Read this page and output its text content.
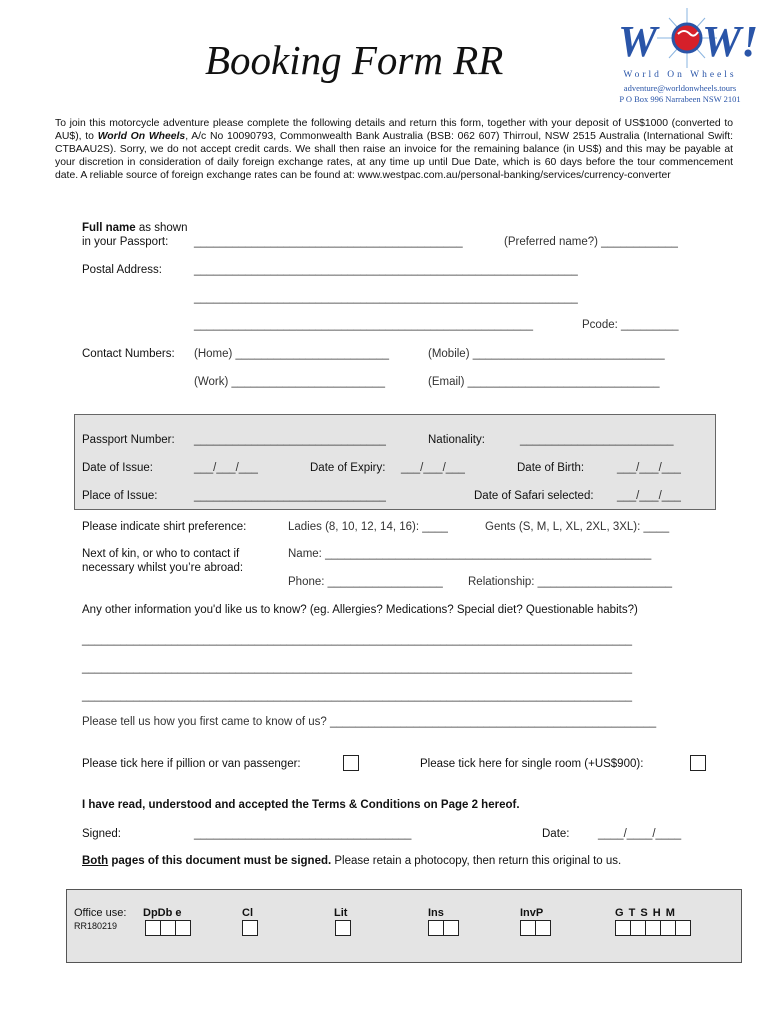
Booking Form RR	W W!
WOW!
World On Wheels
adventure@worldonwheels.tours
P O Box 996 Narrabeen NSW 2101
To join this motorcycle adventure please complete the following details and return this form, together with your deposit of US$1000 (converted to AU$), to World On Wheels, A/c No 10090793, Commonwealth Bank Australia (BSB: 062 607) Thirroul, NSW 2515 Australia (International Swift: CTBAAU2S). Sorry, we do not accept credit cards. We shall then raise an invoice for the remaining balance (in US$) and this may be payable at your discretion in consideration of daily foreign exchange rates, at any time up until Due Date, which is 60 days before the tour commencement date. A reliable source of foreign exchange rates can be found at: www.westpac.com.au/personal-banking/services/currency-converter
Full name as shown
in your Passport: __________________________________________	(Preferred name?) ____________
Postal Address:	____________________________________________________________
____________________________________________________________
_____________________________________________________	Pcode: _________
Contact Numbers: (Home) ________________________	(Mobile) ______________________________
(Work) ________________________	(Email) ______________________________
Passport Number: ______________________________	Nationality:	________________________
Date of Issue:	___/___/___	Date of Expiry: ___/___/___	Date of Birth:	___/___/___
Place of Issue:	______________________________	Date of Safari selected: ___/___/___
Please indicate shirt preference:	Ladies (8, 10, 12, 14, 16): ____	Gents (S, M, L, XL, 2XL, 3XL): ____
Next of kin, or who to contact if
necessary whilst you’re abroad:
Name: ___________________________________________________
Phone: __________________ Relationship: _____________________
Any other information you'd like us to know? (eg. Allergies? Medications? Special diet? Questionable habits?)
______________________________________________________________________________________
______________________________________________________________________________________
______________________________________________________________________________________
Please tell us how you first came to know of us? ___________________________________________________
Please tick here if pillion or van passenger:	Please tick here for single room (+US$900):
I have read, understood and accepted the Terms & Conditions on Page 2 hereof.
Signed:	__________________________________	Date: ____/____/____
Both pages of this document must be signed. Please retain a photocopy, then return this original to us.
Office use:
RR180219
DpDb e	Cl	Lit	Ins	InvP	G T S H M
